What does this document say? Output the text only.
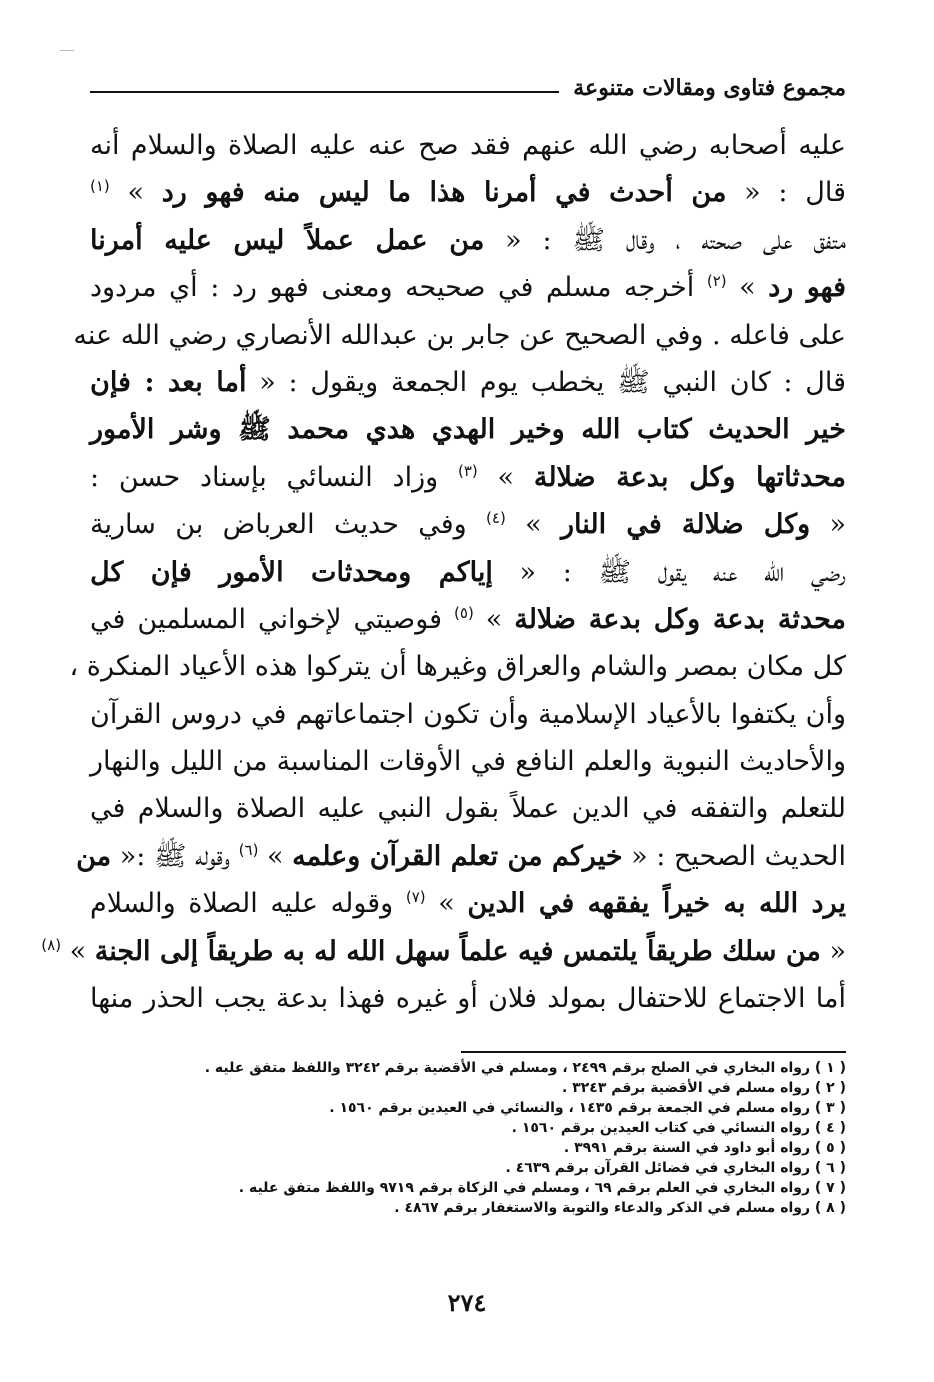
مجموع فتاوى ومقالات متنوعة
عليه أصحابه رضي الله عنهم فقد صح عنه عليه الصلاة والسلام أنه
قال : « من أحدث في أمرنا هذا ما ليس منه فهو رد » $^{(١)}$
متفق على صحته ، وقال ﷺ : « من عمل عملاً ليس عليه أمرنا
فهو رد » $^{(٢)}$ أخرجه مسلم في صحيحه ومعنى فهو رد : أي مردود
على فاعله . وفي الصحيح عن جابر بن عبدالله الأنصاري رضي الله عنه
قال : كان النبي ﷺ يخطب يوم الجمعة ويقول : « أما بعد : فإن
خير الحديث كتاب الله وخير الهدي هدي محمد ﷺ وشر الأمور
محدثاتها وكل بدعة ضلالة » $^{(٣)}$ وزاد النسائي بإسناد حسن :
« وكل ضلالة في النار » $^{(٤)}$ وفي حديث العرباض بن سارية
رضي الله عنه يقول ﷺ : « إياكم ومحدثات الأمور فإن كل
محدثة بدعة وكل بدعة ضلالة » $^{(٥)}$ فوصيتي لإخواني المسلمين في
كل مكان بمصر والشام والعراق وغيرها أن يتركوا هذه الأعياد المنكرة ،
وأن يكتفوا بالأعياد الإسلامية وأن تكون اجتماعاتهم في دروس القرآن
والأحاديث النبوية والعلم النافع في الأوقات المناسبة من الليل والنهار
للتعلم والتفقه في الدين عملاً بقول النبي عليه الصلاة والسلام في
الحديث الصحيح : « خيركم من تعلم القرآن وعلمه » $^{(٦)}$ وقوله ﷺ :« من
يرد الله به خيراً يفقهه في الدين » $^{(٧)}$ وقوله عليه الصلاة والسلام
« من سلك طريقاً يلتمس فيه علماً سهل الله له به طريقاً إلى الجنة » $^{(٨)}$
أما الاجتماع للاحتفال بمولد فلان أو غيره فهذا بدعة يجب الحذر منها
( ١ ) رواه البخاري في الصلح برقم ٢٤٩٩ ، ومسلم في الأقضية برقم ٣٢٤٢ واللفظ متفق عليه .
( ٢ ) رواه مسلم في الأقضية برقم ٣٢٤٣ .
( ٣ ) رواه مسلم في الجمعة برقم ١٤٣٥ ، والنسائي في العيدين برقم ١٥٦٠ .
( ٤ ) رواه النسائي في كتاب العيدين برقم ١٥٦٠ .
( ٥ ) رواه أبو داود في السنة برقم ٣٩٩١ .
( ٦ ) رواه البخاري في فضائل القرآن برقم ٤٦٣٩ .
( ٧ ) رواه البخاري في العلم برقم ٦٩ ، ومسلم في الزكاة برقم ٩٧١٩ واللفظ متفق عليه .
( ٨ ) رواه مسلم في الذكر والدعاء والتوبة والاستغفار برقم ٤٨٦٧ .
٢٧٤
